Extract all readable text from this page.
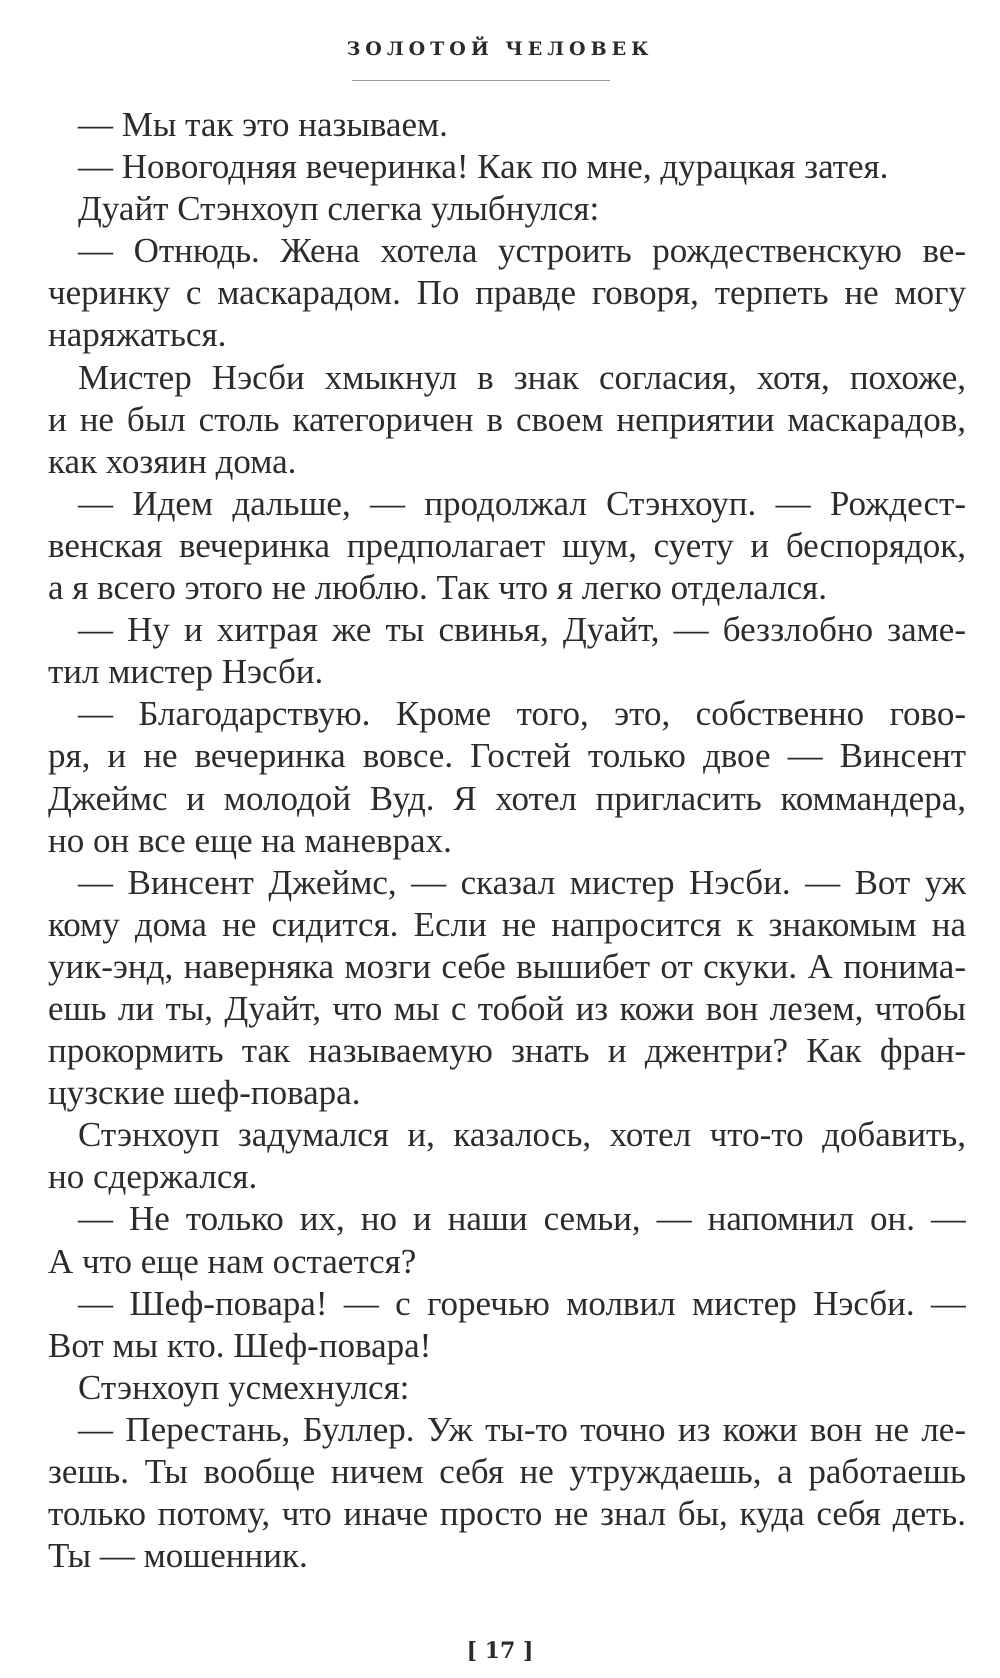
ЗОЛОТОЙ ЧЕЛОВЕК
— Мы так это называем.
— Новогодняя вечеринка! Как по мне, дурацкая затея.
Дуайт Стэнхоуп слегка улыбнулся:
— Отнюдь. Жена хотела устроить рождественскую ве-
черинку с маскарадом. По правде говоря, терпеть не могу
наряжаться.
Мистер Нэсби хмыкнул в знак согласия, хотя, похоже,
и не был столь категоричен в своем неприятии маскарадов,
как хозяин дома.
— Идем дальше, — продолжал Стэнхоуп. — Рождест-
венская вечеринка предполагает шум, суету и беспорядок,
а я всего этого не люблю. Так что я легко отделался.
— Ну и хитрая же ты свинья, Дуайт, — беззлобно заме-
тил мистер Нэсби.
— Благодарствую. Кроме того, это, собственно гово-
ря, и не вечеринка вовсе. Гостей только двое — Винсент
Джеймс и молодой Вуд. Я хотел пригласить коммандера,
но он все еще на маневрах.
— Винсент Джеймс, — сказал мистер Нэсби. — Вот уж
кому дома не сидится. Если не напросится к знакомым на
уик-энд, наверняка мозги себе вышибет от скуки. А понима-
ешь ли ты, Дуайт, что мы с тобой из кожи вон лезем, чтобы
прокормить так называемую знать и джентри? Как фран-
цузские шеф-повара.
Стэнхоуп задумался и, казалось, хотел что-то добавить,
но сдержался.
— Не только их, но и наши семьи, — напомнил он. —
А что еще нам остается?
— Шеф-повара! — с горечью молвил мистер Нэсби. —
Вот мы кто. Шеф-повара!
Стэнхоуп усмехнулся:
— Перестань, Буллер. Уж ты-то точно из кожи вон не ле-
зешь. Ты вообще ничем себя не утруждаешь, а работаешь
только потому, что иначе просто не знал бы, куда себя деть.
Ты — мошенник.
[ 17 ]
